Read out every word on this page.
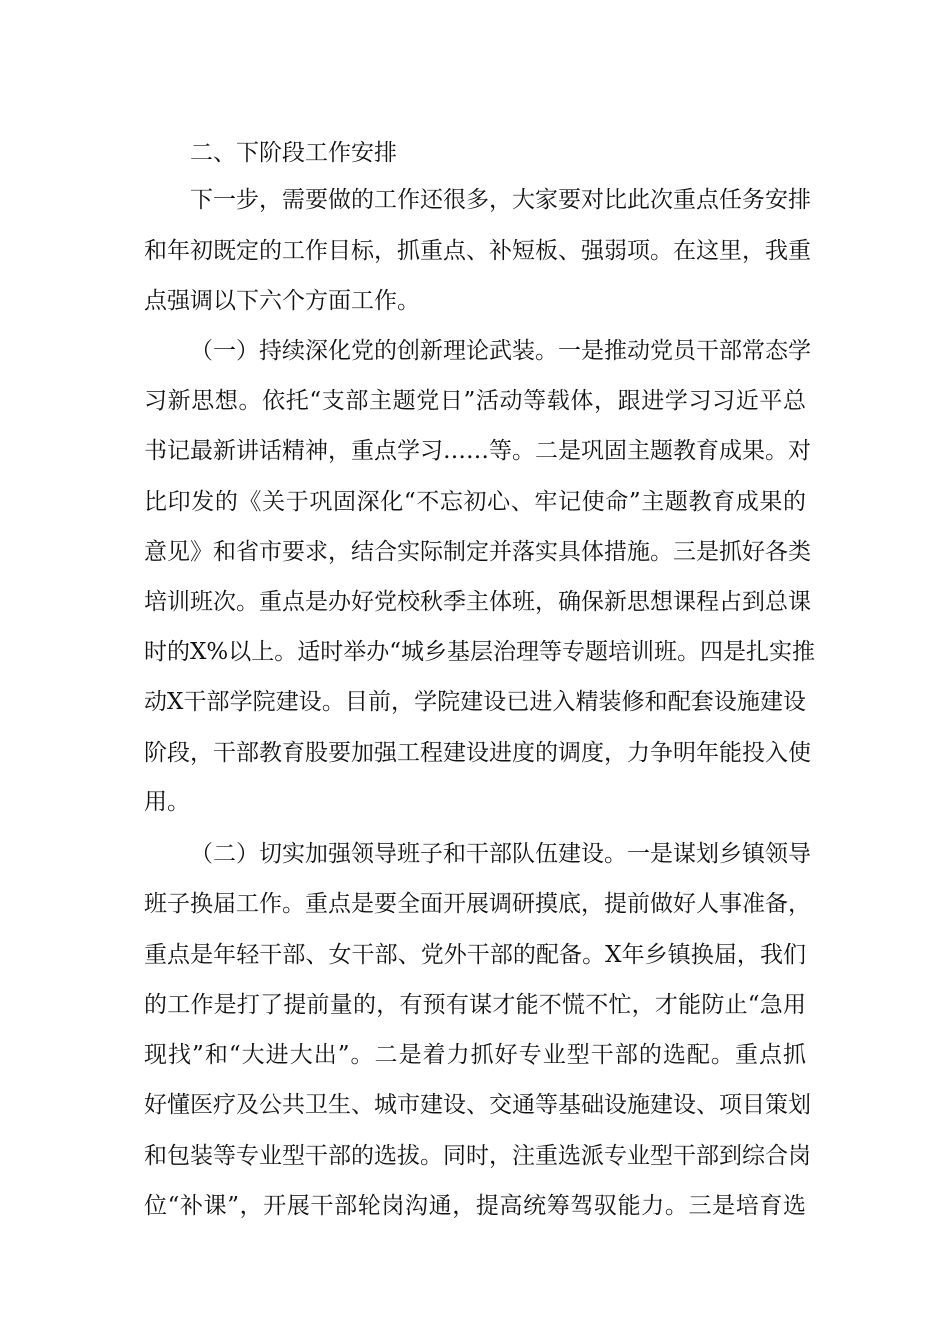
二、下阶段工作安排
下一步，需要做的工作还很多，大家要对比此次重点任务安排
和年初既定的工作目标，抓重点、补短板、强弱项。在这里，我重
点强调以下六个方面工作。
（一）持续深化党的创新理论武装。一是推动党员干部常态学
习新思想。依托“支部主题党日”活动等载体，跟进学习习近平总
书记最新讲话精神，重点学习……等。二是巩固主题教育成果。对
比印发的《关于巩固深化“不忘初心、牢记使命”主题教育成果的
意见》和省市要求，结合实际制定并落实具体措施。三是抓好各类
培训班次。重点是办好党校秋季主体班，确保新思想课程占到总课
时的X%以上。适时举办“城乡基层治理等专题培训班。四是扎实推
动X干部学院建设。目前，学院建设已进入精装修和配套设施建设
阶段，干部教育股要加强工程建设进度的调度，力争明年能投入使
用。
（二）切实加强领导班子和干部队伍建设。一是谋划乡镇领导
班子换届工作。重点是要全面开展调研摸底，提前做好人事准备，
重点是年轻干部、女干部、党外干部的配备。X年乡镇换届，我们
的工作是打了提前量的，有预有谋才能不慌不忙，才能防止“急用
现找”和“大进大出”。二是着力抓好专业型干部的选配。重点抓
好懂医疗及公共卫生、城市建设、交通等基础设施建设、项目策划
和包装等专业型干部的选拔。同时，注重选派专业型干部到综合岗
位“补课”，开展干部轮岗沟通，提高统筹驾驭能力。三是培育选
